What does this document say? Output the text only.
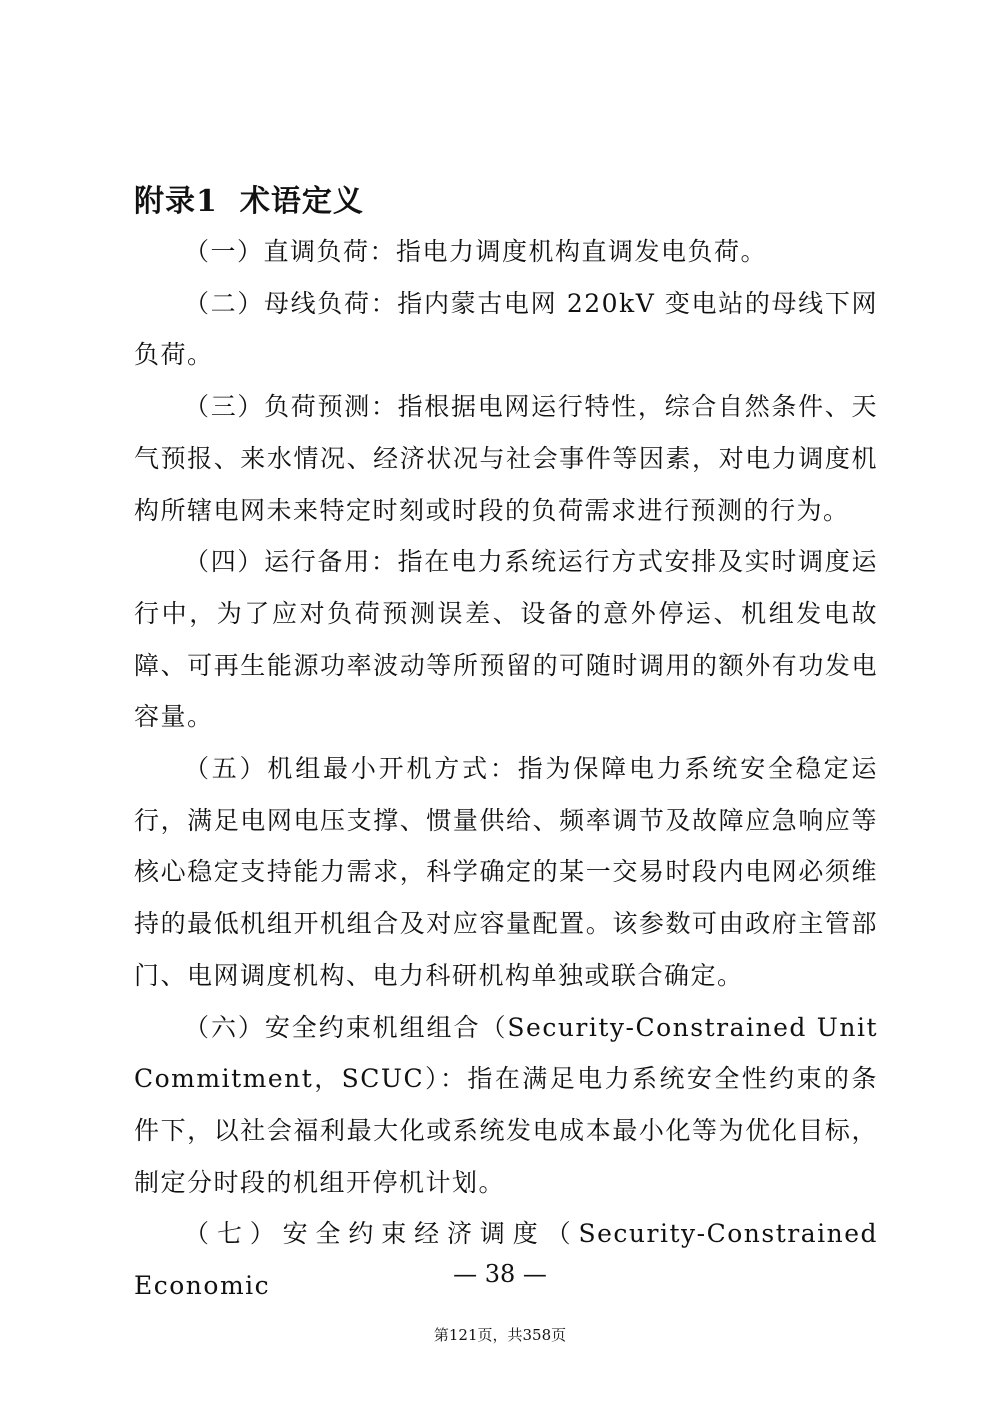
附录1 术语定义

（一）直调负荷：指电力调度机构直调发电负荷。

（二）母线负荷：指内蒙古电网 220kV 变电站的母线下网负荷。

（三）负荷预测：指根据电网运行特性，综合自然条件、天气预报、来水情况、经济状况与社会事件等因素，对电力调度机构所辖电网未来特定时刻或时段的负荷需求进行预测的行为。

（四）运行备用：指在电力系统运行方式安排及实时调度运行中，为了应对负荷预测误差、设备的意外停运、机组发电故障、可再生能源功率波动等所预留的可随时调用的额外有功发电容量。

（五）机组最小开机方式：指为保障电力系统安全稳定运行，满足电网电压支撑、惯量供给、频率调节及故障应急响应等核心稳定支持能力需求，科学确定的某一交易时段内电网必须维持的最低机组开机组合及对应容量配置。该参数可由政府主管部门、电网调度机构、电力科研机构单独或联合确定。

（六）安全约束机组组合（Security-Constrained Unit Commitment，SCUC）：指在满足电力系统安全性约束的条件下，以社会福利最大化或系统发电成本最小化等为优化目标，制定分时段的机组开停机计划。

（七）安全约束经济调度（Security-Constrained Economic	— 38 —
第121页，共358页
